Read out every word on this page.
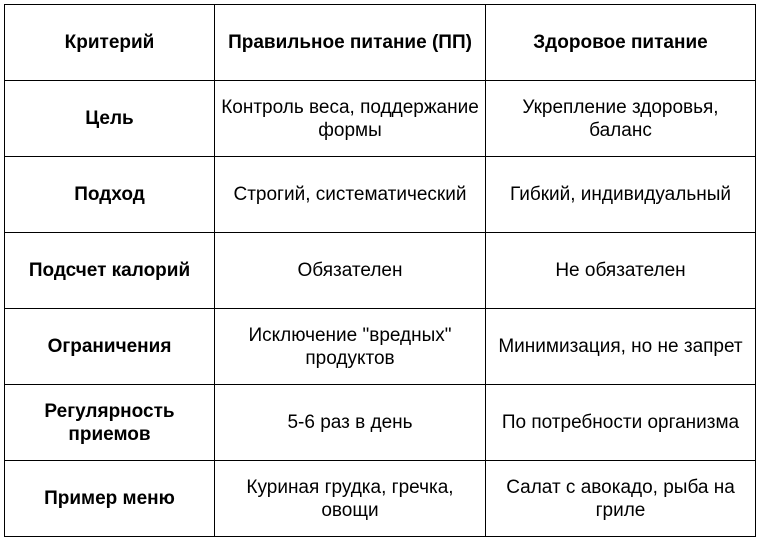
Критерий	Правильное питание (ПП)	Здоровое питание
Цель	Контроль веса, поддержание формы	Укрепление здоровья, баланс
Подход	Строгий, систематический	Гибкий, индивидуальный
Подсчет калорий	Обязателен	Не обязателен
Ограничения	Исключение "вредных" продуктов	Минимизация, но не запрет
Регулярность приемов	5-6 раз в день	По потребности организма
Пример меню	Куриная грудка, гречка, овощи	Салат с авокадо, рыба на гриле
